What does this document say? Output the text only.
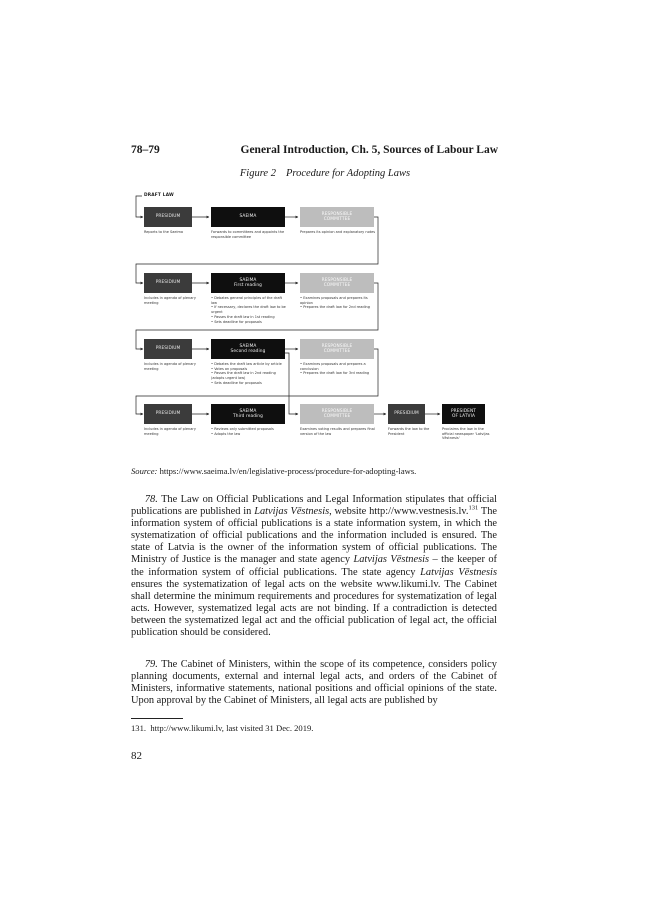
78–79	General Introduction, Ch. 5, Sources of Labour Law
Figure 2 Procedure for Adopting Laws
DRAFT LAW
PRESIDIUM
Reports to the Saeima
SAEIMA
Forwards to committees and appoints the responsible committee
RESPONSIBLE
COMMITTEE
Prepares its opinion and explanatory notes
PRESIDIUM
Includes in agenda of plenary meeting
SAEIMA
First reading
• Debates general principles of the draft law
• If necessary, declares the draft law to be urgent
• Passes the draft law in 1st reading
• Sets deadline for proposals
RESPONSIBLE
COMMITTEE
• Examines proposals and prepares its opinion
• Prepares the draft law for 2nd reading
PRESIDIUM
Includes in agenda of plenary meeting
SAEIMA
Second reading
• Debates the draft law article by article
• Votes on proposals
• Passes the draft law in 2nd reading (adopts urgent law)
• Sets deadline for proposals
RESPONSIBLE
COMMITTEE
• Examines proposals and prepares a conclusion
• Prepares the draft law for 3rd reading
PRESIDIUM
Includes in agenda of plenary meeting
SAEIMA
Third reading
• Reviews only submitted proposals
• Adopts the law
RESPONSIBLE
COMMITTEE
Examines voting results and prepares final version of the law
PRESIDIUM
Forwards the law to the President
PRESIDENT
OF LATVIA
Proclaims the law in the official newspaper 'Latvijas Vēstnesis'
Source: https://www.saeima.lv/en/legislative-process/procedure-for-adopting-laws.

78. The Law on Official Publications and Legal Information stipulates that official publications are published in Latvijas Vēstnesis, website http://www.vestnesis.lv.$^{131}$ The information system of official publications is a state information system, in which the systematization of official publications and the information included is ensured. The state of Latvia is the owner of the information system of official publications. The Ministry of Justice is the manager and state agency Latvijas Vēstnesis – the keeper of the information system of official publications. The state agency Latvijas Vēstnesis ensures the systematization of legal acts on the website www.likumi.lv. The Cabinet shall determine the minimum requirements and procedures for systematization of legal acts. However, systematized legal acts are not binding. If a contradiction is detected between the systematized legal act and the official publication of legal act, the official publication should be considered.

79. The Cabinet of Ministers, within the scope of its competence, considers policy planning documents, external and internal legal acts, and orders of the Cabinet of Ministers, informative statements, national positions and official opinions of the state. Upon approval by the Cabinet of Ministers, all legal acts are published by

131. http://www.likumi.lv, last visited 31 Dec. 2019.
82
